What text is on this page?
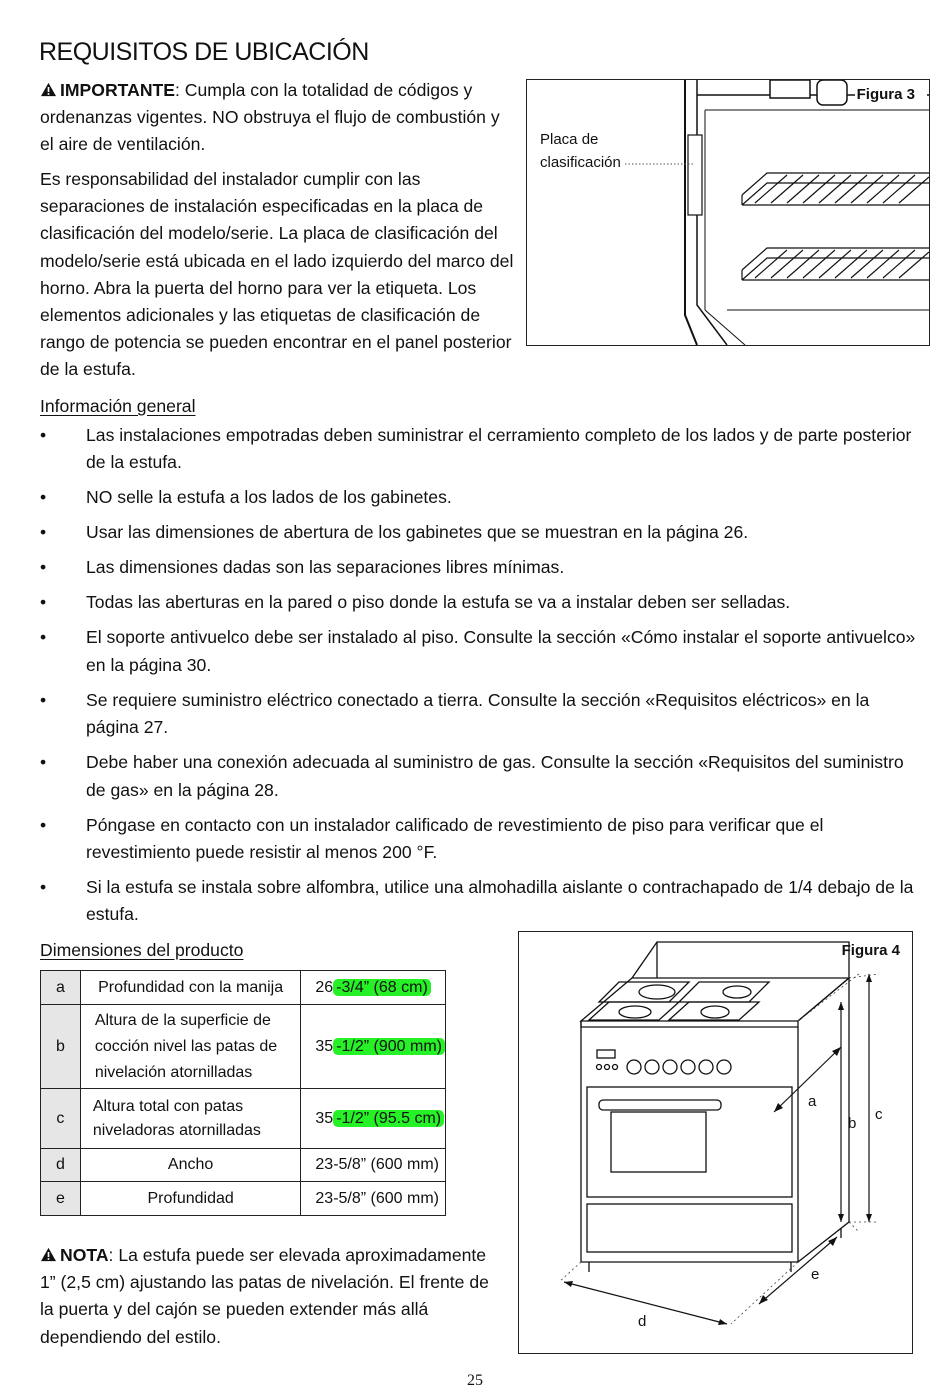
REQUISITOS DE UBICACIÓN
IMPORTANTE: Cumpla con la totalidad de códigos y ordenanzas vigentes. NO obstruya el flujo de combustión y el aire de ventilación.
Es responsabilidad del instalador cumplir con las separaciones de instalación especificadas en la placa de clasificación del modelo/serie. La placa de clasificación del modelo/serie está ubicada en el lado izquierdo del marco del horno. Abra la puerta del horno para ver la etiqueta. Los elementos adicionales y las etiquetas de clasificación de rango de potencia se pueden encontrar en el panel posterior de la estufa.
Figura 3
Placa de
clasificación
Información general
• Las instalaciones empotradas deben suministrar el cerramiento completo de los lados y de parte posterior de la estufa.
• NO selle la estufa a los lados de los gabinetes.
• Usar las dimensiones de abertura de los gabinetes que se muestran en la página 26.
• Las dimensiones dadas son las separaciones libres mínimas.
• Todas las aberturas en la pared o piso donde la estufa se va a instalar deben ser selladas.
• El soporte antivuelco debe ser instalado al piso. Consulte la sección «Cómo instalar el soporte antivuelco» en la página 30.
• Se requiere suministro eléctrico conectado a tierra. Consulte la sección «Requisitos eléctricos» en la página 27.
• Debe haber una conexión adecuada al suministro de gas. Consulte la sección «Requisitos del suministro de gas» en la página 28.
• Póngase en contacto con un instalador calificado de revestimiento de piso para verificar que el revestimiento puede resistir al menos 200 °F.
• Si la estufa se instala sobre alfombra, utilice una almohadilla aislante o contrachapado de 1/4 debajo de la estufa.
Dimensiones del producto
a	Profundidad con la manija	26 -3/4” (68 cm)
b	Altura de la superficie de cocción nivel las patas de nivelación atornilladas	35 -1/2” (900 mm)
c	Altura total con patas niveladoras atornilladas	35 -1/2” (95.5 cm)
d	Ancho	23-5/8” (600 mm)
e	Profundidad	23-5/8” (600 mm)
NOTA: La estufa puede ser elevada aproximadamente 1” (2,5 cm) ajustando las patas de nivelación. El frente de la puerta y del cajón se pueden extender más allá dependiendo del estilo.
Figura 4
a
b
c
d
e
25
